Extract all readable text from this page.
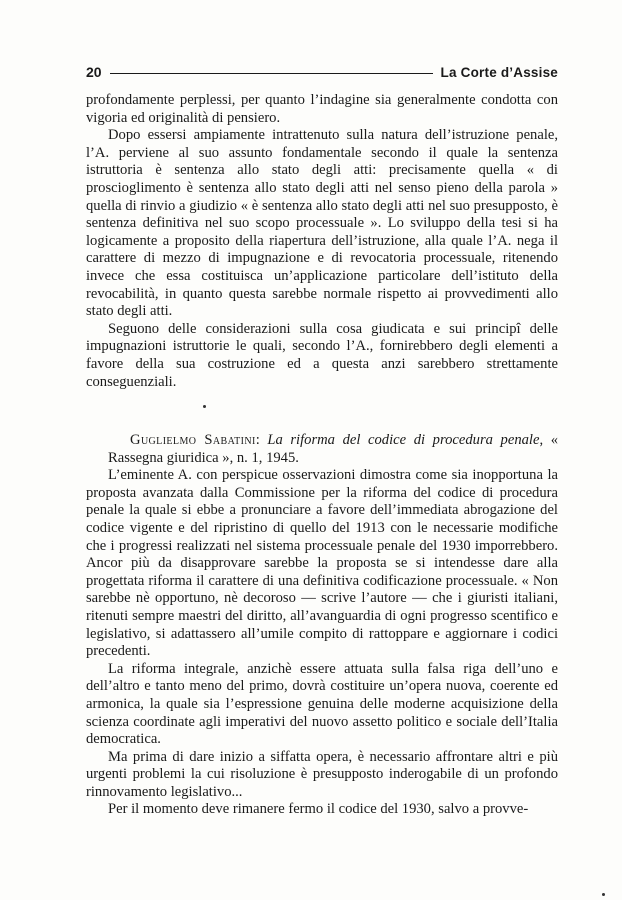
20	La Corte d’Assise

profondamente perplessi, per quanto l’indagine sia generalmente condotta con vigoria ed originalità di pensiero.

Dopo essersi ampiamente intrattenuto sulla natura dell’istruzione penale, l’A. perviene al suo assunto fondamentale secondo il quale la sentenza istruttoria è sentenza allo stato degli atti: precisamente quella « di proscioglimento è sentenza allo stato degli atti nel senso pieno della parola » quella di rinvio a giudizio « è sentenza allo stato degli atti nel suo presupposto, è sentenza definitiva nel suo scopo processuale ». Lo sviluppo della tesi si ha logicamente a proposito della riapertura dell’istruzione, alla quale l’A. nega il carattere di mezzo di impugnazione e di revocatoria processuale, ritenendo invece che essa costituisca un’applicazione particolare dell’istituto della revocabilità, in quanto questa sarebbe normale rispetto ai provvedimenti allo stato degli atti.

Seguono delle considerazioni sulla cosa giudicata e sui principî delle impugnazioni istruttorie le quali, secondo l’A., fornirebbero degli elementi a favore della sua costruzione ed a questa anzi sarebbero strettamente conseguenziali.

Guglielmo Sabatini: La riforma del codice di procedura penale, « Rassegna giuridica », n. 1, 1945.

L’eminente A. con perspicue osservazioni dimostra come sia inopportuna la proposta avanzata dalla Commissione per la riforma del codice di procedura penale la quale si ebbe a pronunciare a favore dell’immediata abrogazione del codice vigente e del ripristino di quello del 1913 con le necessarie modifiche che i progressi realizzati nel sistema processuale penale del 1930 imporrebbero. Ancor più da disapprovare sarebbe la proposta se si intendesse dare alla progettata riforma il carattere di una definitiva codificazione processuale. « Non sarebbe nè opportuno, nè decoroso — scrive l’autore — che i giuristi italiani, ritenuti sempre maestri del diritto, all’avanguardia di ogni progresso scentifico e legislativo, si adattassero all’umile compito di rattoppare e aggiornare i codici precedenti.

La riforma integrale, anzichè essere attuata sulla falsa riga dell’uno e dell’altro e tanto meno del primo, dovrà costituire un’opera nuova, coerente ed armonica, la quale sia l’espressione genuina delle moderne acquisizione della scienza coordinate agli imperativi del nuovo assetto politico e sociale dell’Italia democratica.

Ma prima di dare inizio a siffatta opera, è necessario affrontare altri e più urgenti problemi la cui risoluzione è presupposto inderogabile di un profondo rinnovamento legislativo...

Per il momento deve rimanere fermo il codice del 1930, salvo a provve-
